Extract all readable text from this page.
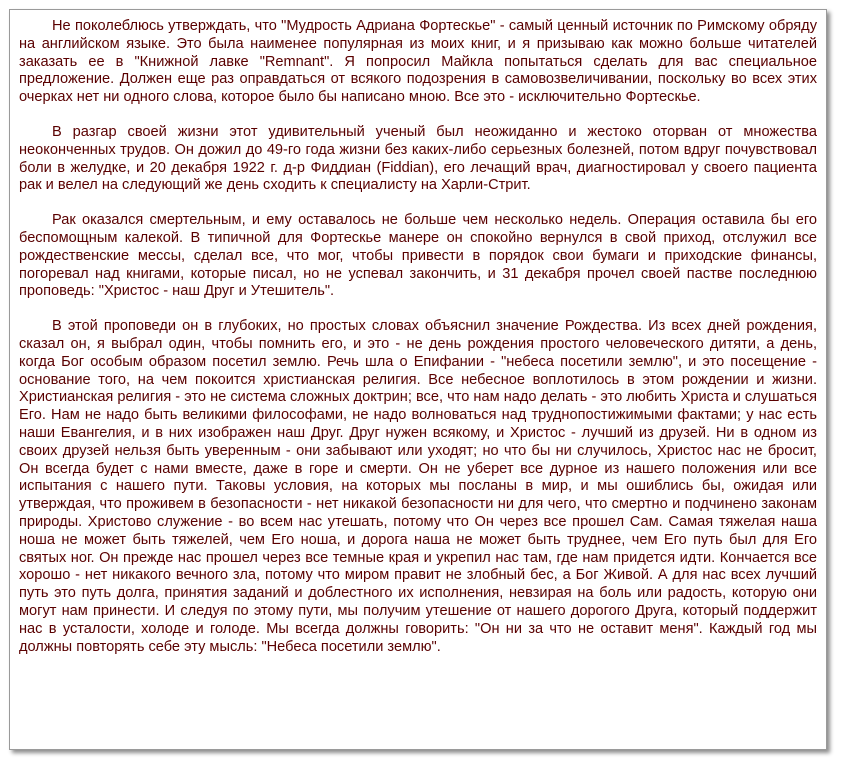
Не поколеблюсь утверждать, что "Мудрость Адриана Фортескье" - самый ценный источник по Римскому обряду на английском языке. Это была наименее популярная из моих книг, и я призываю как можно больше читателей заказать ее в "Книжной лавке "Remnant". Я попросил Майкла попытаться сделать для вас специальное предложение. Должен еще раз оправдаться от всякого подозрения в самовозвеличивании, поскольку во всех этих очерках нет ни одного слова, которое было бы написано мною. Все это - исключительно Фортескье.

В разгар своей жизни этот удивительный ученый был неожиданно и жестоко оторван от множества неоконченных трудов. Он дожил до 49-го года жизни без каких-либо серьезных болезней, потом вдруг почувствовал боли в желудке, и 20 декабря 1922 г. д-р Фиддиан (Fiddian), его лечащий врач, диагностировал у своего пациента рак и велел на следующий же день сходить к специалисту на Харли-Стрит.

Рак оказался смертельным, и ему оставалось не больше чем несколько недель. Операция оставила бы его беспомощным калекой. В типичной для Фортескье манере он спокойно вернулся в свой приход, отслужил все рождественские мессы, сделал все, что мог, чтобы привести в порядок свои бумаги и приходские финансы, погоревал над книгами, которые писал, но не успевал закончить, и 31 декабря прочел своей пастве последнюю проповедь: "Христос - наш Друг и Утешитель".

В этой проповеди он в глубоких, но простых словах объяснил значение Рождества. Из всех дней рождения, сказал он, я выбрал один, чтобы помнить его, и это - не день рождения простого человеческого дитяти, а день, когда Бог особым образом посетил землю. Речь шла о Епифании - "небеса посетили землю", и это посещение - основание того, на чем покоится христианская религия. Все небесное воплотилось в этом рождении и жизни. Христианская религия - это не система сложных доктрин; все, что нам надо делать - это любить Христа и слушаться Его. Нам не надо быть великими философами, не надо волноваться над труднопостижимыми фактами; у нас есть наши Евангелия, и в них изображен наш Друг. Друг нужен всякому, и Христос - лучший из друзей. Ни в одном из своих друзей нельзя быть уверенным - они забывают или уходят; но что бы ни случилось, Христос нас не бросит, Он всегда будет с нами вместе, даже в горе и смерти. Он не уберет все дурное из нашего положения или все испытания с нашего пути. Таковы условия, на которых мы посланы в мир, и мы ошиблись бы, ожидая или утверждая, что проживем в безопасности - нет никакой безопасности ни для чего, что смертно и подчинено законам природы. Христово служение - во всем нас утешать, потому что Он через все прошел Сам. Самая тяжелая наша ноша не может быть тяжелей, чем Его ноша, и дорога наша не может быть труднее, чем Его путь был для Его святых ног. Он прежде нас прошел через все темные края и укрепил нас там, где нам придется идти. Кончается все хорошо - нет никакого вечного зла, потому что миром правит не злобный бес, а Бог Живой. А для нас всех лучший путь это путь долга, принятия заданий и доблестного их исполнения, невзирая на боль или радость, которую они могут нам принести. И следуя по этому пути, мы получим утешение от нашего дорогого Друга, который поддержит нас в усталости, холоде и голоде. Мы всегда должны говорить: "Он ни за что не оставит меня". Каждый год мы должны повторять себе эту мысль: "Небеса посетили землю".
